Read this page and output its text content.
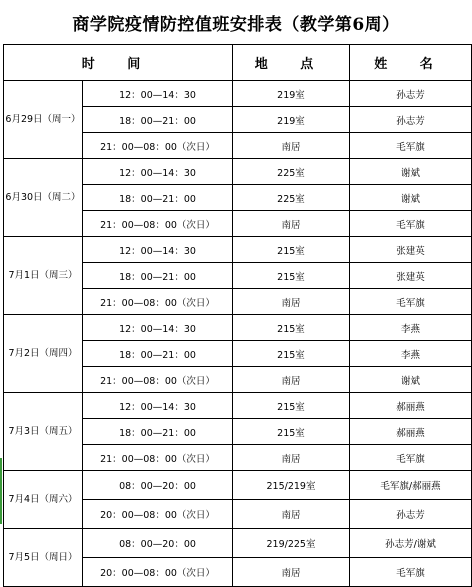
商学院疫情防控值班安排表（教学第6周）
时 间		地 点	姓 名
6月29日（周一）	12：00—14：30	219室	孙志芳
	18：00—21：00	219室	孙志芳
	21：00—08：00（次日）	南居	毛军旗
6月30日（周二）	12：00—14：30	225室	谢斌
	18：00—21：00	225室	谢斌
	21：00—08：00（次日）	南居	毛军旗
7月1日（周三）	12：00—14：30	215室	张建英
	18：00—21：00	215室	张建英
	21：00—08：00（次日）	南居	毛军旗
7月2日（周四）	12：00—14：30	215室	李燕
	18：00—21：00	215室	李燕
	21：00—08：00（次日）	南居	谢斌
7月3日（周五）	12：00—14：30	215室	郝丽燕
	18：00—21：00	215室	郝丽燕
	21：00—08：00（次日）	南居	毛军旗
7月4日（周六）	08：00—20：00	215/219室	毛军旗/郝丽燕
	20：00—08：00（次日）	南居	孙志芳
7月5日（周日）	08：00—20：00	219/225室	孙志芳/谢斌
	20：00—08：00（次日）	南居	毛军旗
